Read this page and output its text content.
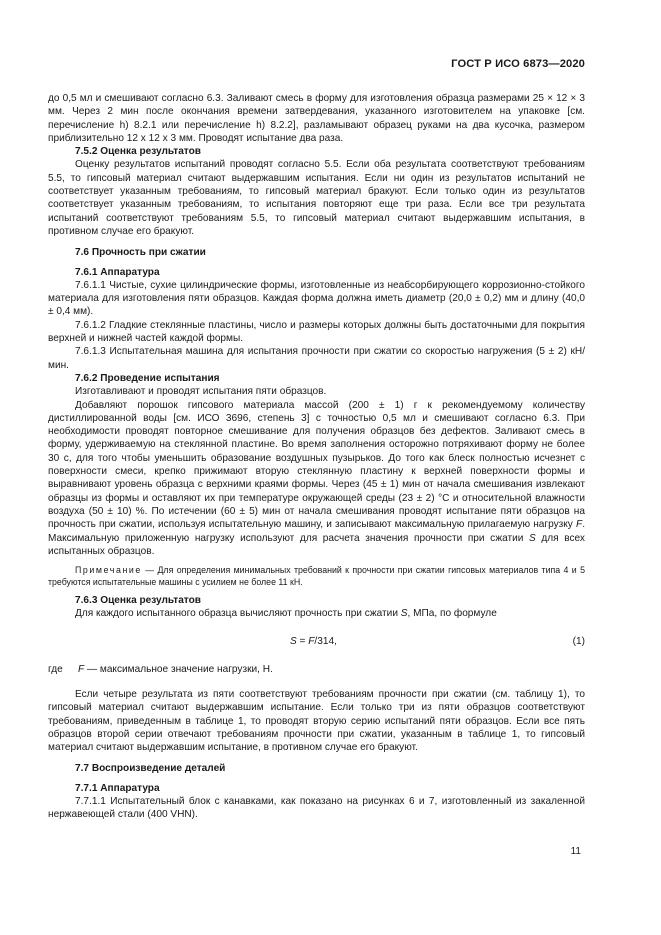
ГОСТ Р ИСО 6873—2020

до 0,5 мл и смешивают согласно 6.3. Заливают смесь в форму для изготовления образца размерами 25 × 12 × 3 мм. Через 2 мин после окончания времени затвердевания, указанного изготовителем на упаковке [см. перечисление h) 8.2.1 или перечисление h) 8.2.2], разламывают образец руками на два кусочка, размером приблизительно 12 х 12 х 3 мм. Проводят испытание два раза.

7.5.2 Оценка результатов

Оценку результатов испытаний проводят согласно 5.5. Если оба результата соответствуют требованиям 5.5, то гипсовый материал считают выдержавшим испытания. Если ни один из результатов испытаний не соответствует указанным требованиям, то гипсовый материал бракуют. Если только один из результатов соответствует указанным требованиям, то испытания повторяют еще три раза. Если все три результата испытаний соответствуют требованиям 5.5, то гипсовый материал считают выдержавшим испытания, в противном случае его бракуют.

7.6 Прочность при сжатии

7.6.1 Аппаратура

7.6.1.1 Чистые, сухие цилиндрические формы, изготовленные из неабсорбирующего коррозионно-стойкого материала для изготовления пяти образцов. Каждая форма должна иметь диаметр (20,0 ± 0,2) мм и длину (40,0 ± 0,4 мм).

7.6.1.2 Гладкие стеклянные пластины, число и размеры которых должны быть достаточными для покрытия верхней и нижней частей каждой формы.

7.6.1.3 Испытательная машина для испытания прочности при сжатии со скоростью нагружения (5 ± 2) кН/мин.

7.6.2 Проведение испытания

Изготавливают и проводят испытания пяти образцов.

Добавляют порошок гипсового материала массой (200 ± 1) г к рекомендуемому количеству дистиллированной воды [см. ИСО 3696, степень 3] с точностью 0,5 мл и смешивают согласно 6.3. При необходимости проводят повторное смешивание для получения образцов без дефектов. Заливают смесь в форму, удерживаемую на стеклянной пластине. Во время заполнения осторожно потряхивают форму не более 30 с, для того чтобы уменьшить образование воздушных пузырьков. До того как блеск полностью исчезнет с поверхности смеси, крепко прижимают вторую стеклянную пластину к верхней поверхности формы и выравнивают уровень образца с верхними краями формы. Через (45 ± 1) мин от начала смешивания извлекают образцы из формы и оставляют их при температуре окружающей среды (23 ± 2) °С и относительной влажности воздуха (50 ± 10) %. По истечении (60 ± 5) мин от начала смешивания проводят испытание пяти образцов на прочность при сжатии, используя испытательную машину, и записывают максимальную прилагаемую нагрузку F. Максимальную приложенную нагрузку используют для расчета значения прочности при сжатии S для всех испытанных образцов.

Примечание — Для определения минимальных требований к прочности при сжатии гипсовых материалов типа 4 и 5 требуются испытательные машины с усилием не более 11 кН.

7.6.3 Оценка результатов

Для каждого испытанного образца вычисляют прочность при сжатии S, МПа, по формуле

S = F/314,	(1)

где F — максимальное значение нагрузки, Н.

Если четыре результата из пяти соответствуют требованиям прочности при сжатии (см. таблицу 1), то гипсовый материал считают выдержавшим испытание. Если только три из пяти образцов соответствуют требованиям, приведенным в таблице 1, то проводят вторую серию испытаний пяти образцов. Если все пять образцов второй серии отвечают требованиям прочности при сжатии, указанным в таблице 1, то гипсовый материал считают выдержавшим испытание, в противном случае его бракуют.

7.7 Воспроизведение деталей

7.7.1 Аппаратура

7.7.1.1 Испытательный блок с канавками, как показано на рисунках 6 и 7, изготовленный из закаленной нержавеющей стали (400 VHN).

11
